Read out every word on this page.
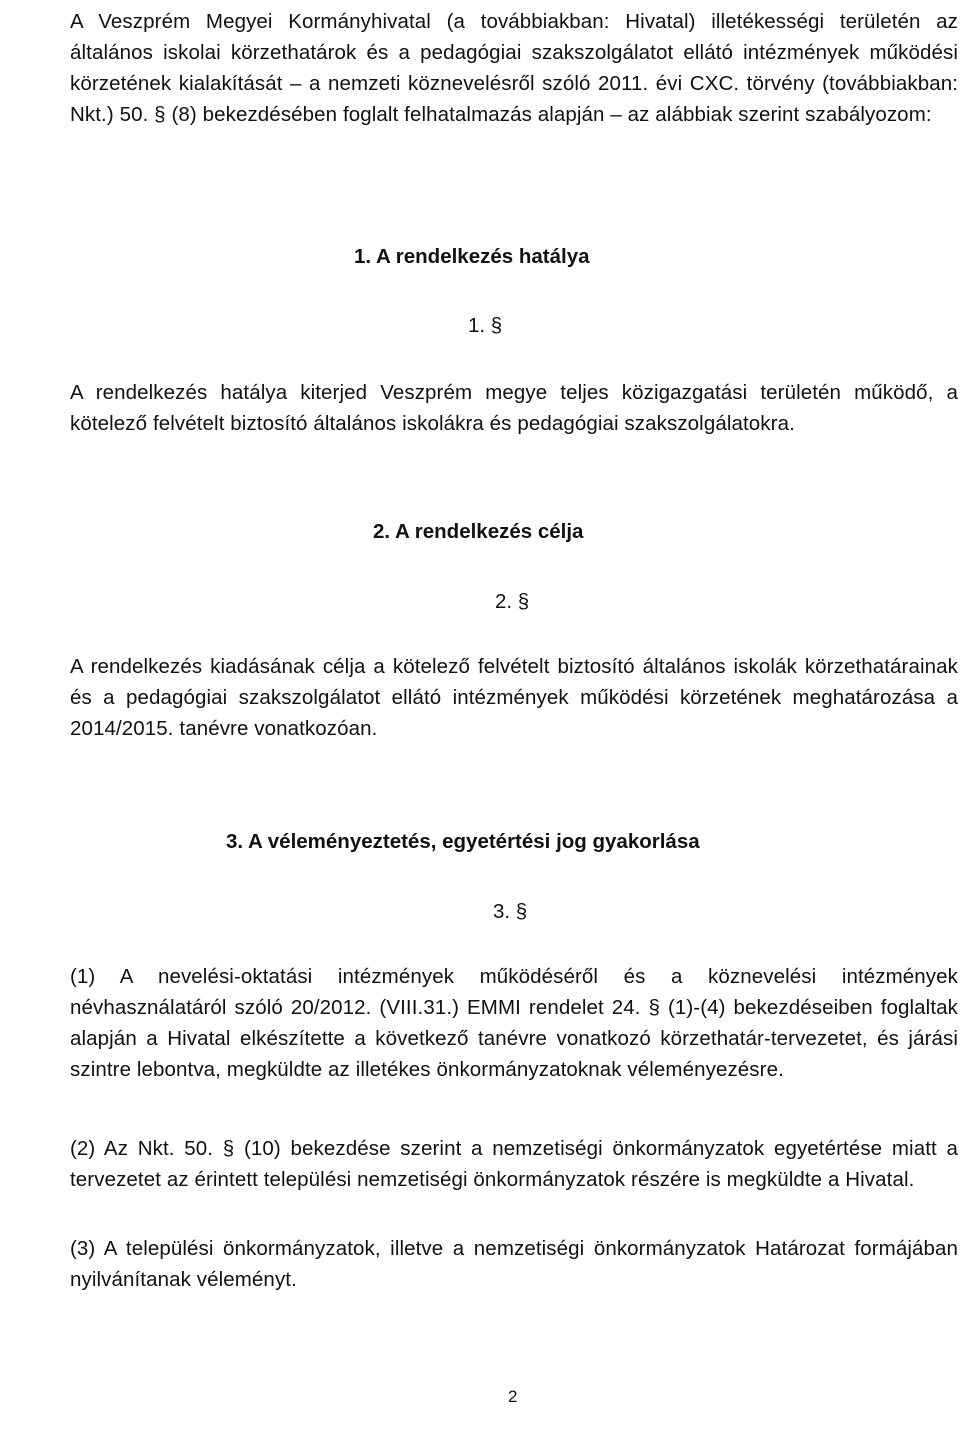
A Veszprém Megyei Kormányhivatal (a továbbiakban: Hivatal) illetékességi területén az általános iskolai körzethatárok és a pedagógiai szakszolgálatot ellátó intézmények működési körzetének kialakítását – a nemzeti köznevelésről szóló 2011. évi CXC. törvény (továbbiakban: Nkt.) 50. § (8) bekezdésében foglalt felhatalmazás alapján – az alábbiak szerint szabályozom:
1. A rendelkezés hatálya
1. §
A rendelkezés hatálya kiterjed Veszprém megye teljes közigazgatási területén működő, a kötelező felvételt biztosító általános iskolákra és pedagógiai szakszolgálatokra.
2. A rendelkezés célja
2. §
A rendelkezés kiadásának célja a kötelező felvételt biztosító általános iskolák körzethatárainak és a pedagógiai szakszolgálatot ellátó intézmények működési körzetének meghatározása a 2014/2015. tanévre vonatkozóan.
3. A véleményeztetés, egyetértési jog gyakorlása
3. §
(1) A nevelési-oktatási intézmények működéséről és a köznevelési intézmények névhasználatáról szóló 20/2012. (VIII.31.) EMMI rendelet 24. § (1)-(4) bekezdéseiben foglaltak alapján a Hivatal elkészítette a következő tanévre vonatkozó körzethatár-tervezetet, és járási szintre lebontva, megküldte az illetékes önkormányzatoknak véleményezésre.
(2) Az Nkt. 50. § (10) bekezdése szerint a nemzetiségi önkormányzatok egyetértése miatt a tervezetet az érintett települési nemzetiségi önkormányzatok részére is megküldte a Hivatal.
(3) A települési önkormányzatok, illetve a nemzetiségi önkormányzatok Határozat formájában nyilvánítanak véleményt.
2
